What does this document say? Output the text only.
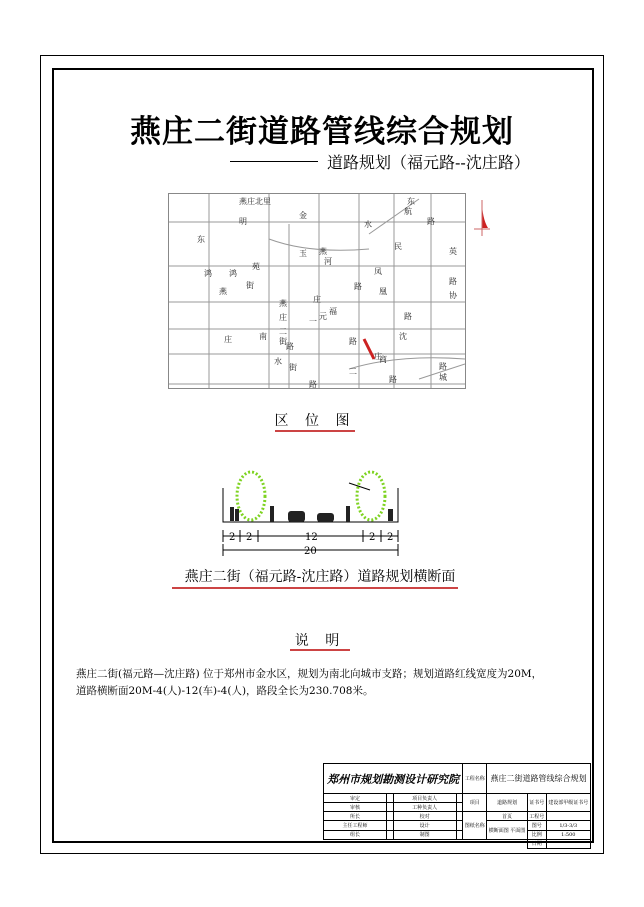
燕庄二街道路管线综合规划
道路规划（福元路--沈庄路）
燕庄北里
金
水
东
明
鸿
苑
燕
庄	南
街
燕
玉
河
凤
凰
路
航
民
路
东
英
路
协
庄
元
一
福
路
沈
路
水
路
街	二
庄
路	城
路
商
路
燕
庄
二
街
鸿
区 位 图
2 2	12	2 2
20
燕庄二街（福元路-沈庄路）道路规划横断面
说 明
燕庄二街(福元路—沈庄路) 位于郑州市金水区，规划为南北向城市支路；规划道路红线宽度为20M，
道路横断面20M-4(人)-12(车)-4(人)，路段全长为230.708米。
郑州市规划勘测设计研究院				工程名称	燕庄二街道路管线综合规划		
审定		项目负责人		项目	道路规划	证书号	建设部甲级证书号
审核		工种负责人					
所长		校对		图纸名称	首页	工程号	
主任工程师		设计			横断面图 平面图	图号	1/3-3/3
组长		制图				比例	1:500
						日期	
